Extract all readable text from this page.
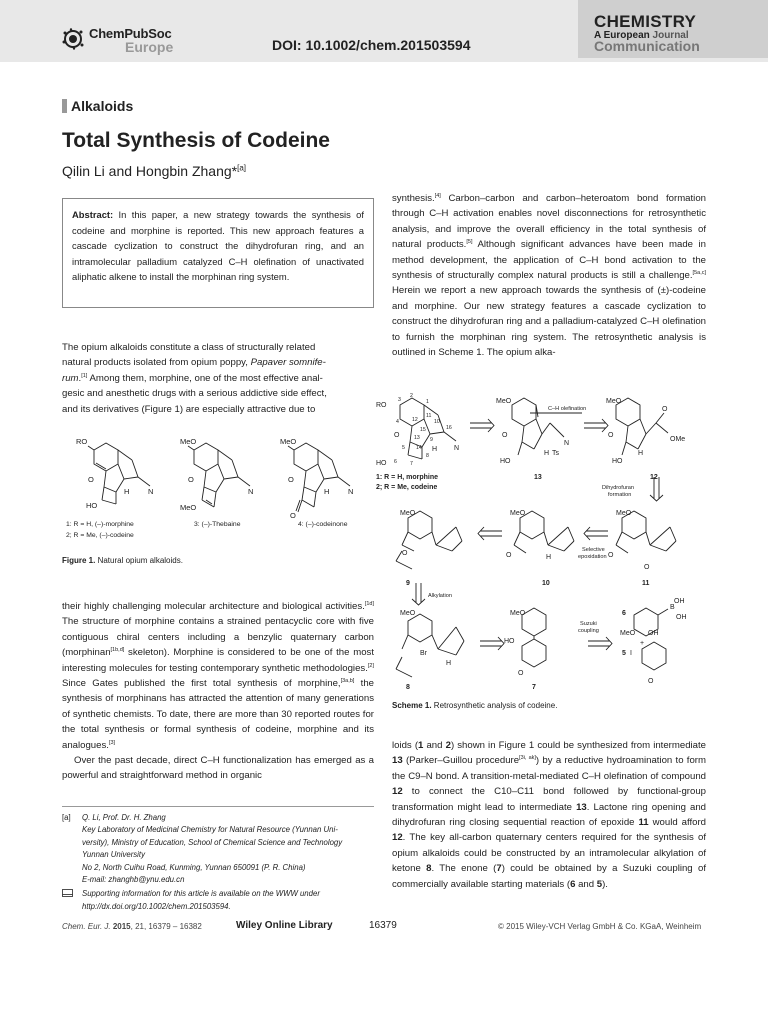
ChemPubSoc
Europe	DOI: 10.1002/chem.201503594
CHEMISTRY
A European Journal
Communication
Alkaloids
Total Synthesis of Codeine
Qilin Li and Hongbin Zhang*[a]
Abstract: In this paper, a new strategy towards the synthesis of codeine and morphine is reported. This new approach features a cascade cyclization to construct the dihydrofuran ring, and an intramolecular palladium catalyzed C–H olefination of unactivated aliphatic alkene to install the morphinan ring system.

The opium alkaloids constitute a class of structurally related
natural products isolated from opium poppy, Papaver somnife-
rum.[1] Among them, morphine, one of the most effective anal-
gesic and anesthetic drugs with a serious addictive side effect,
and its derivatives (Figure 1) are especially attractive due to

RO
O
HO
H N
MeO
O
MeO
N
MeO
O
O
H N
1: R = H, (–)-morphine
2; R = Me, (–)-codeine
3: (–)-Thebaine	4: (–)-codeinone
Figure 1. Natural opium alkaloids.

their highly challenging molecular architecture and biological activities.[1d] The structure of morphine contains a strained pentacyclic core with five contiguous chiral centers including a benzylic quaternary carbon (morphinan[1b,d] skeleton). Morphine is considered to be one of the most interesting molecules for testing contemporary synthetic methodologies.[2] Since Gates published the first total synthesis of morphine,[3a,b] the synthesis of morphinans has attracted the attention of many generations of synthetic chemists. To date, there are more than 30 reported routes for the total synthesis or formal synthesis of codeine, morphine and its analogues.[3]

Over the past decade, direct C–H functionalization has emerged as a powerful and straightforward method in organic

[a] Q. Li, Prof. Dr. H. Zhang
Key Laboratory of Medicinal Chemistry for Natural Resource (Yunnan Uni-
versity), Ministry of Education, School of Chemical Science and Technology
Yunnan University
No 2, North Cuihu Road, Kunming, Yunnan 650091 (P. R. China)
E-mail: zhanghb@ynu.edu.cn
Supporting information for this article is available on the WWW under
http://dx.doi.org/10.1002/chem.201503594.

synthesis.[4] Carbon–carbon and carbon–heteroatom bond formation through C–H activation enables novel disconnections for retrosynthetic analysis, and improve the overall efficiency in the total synthesis of natural products.[5] Although significant advances have been made in method development, the application of C–H bond activation to the synthesis of structurally complex natural products is still a challenge.[5a,c] Herein we report a new approach towards the synthesis of (±)-codeine and morphine. Our new strategy features a cascade cyclization to construct the dihydrofuran ring and a palladium-catalyzed C–H olefination to furnish the morphinan ring system. The retrosynthetic analysis is outlined in Scheme 1. The opium alka-

RO
O
HO
H N
MeO
O
HO
H
N
Ts
MeO
O
HO
H
O
OMe
MeO
O
MeO
O	H
MeO
O
O
MeO
Br
H
MeO
HO
O
B
OH
OH
MeO OH
+
I
O
3
2
1
4
11
12	10
15	16
13 9
5 14
8
6	7
1: R = H, morphine
2; R = Me, codeine
13	12
9	10	11
8	7
6
5
C–H olefination
Dihydrofuran
formation
Selective
epoxidation
Alkylation
Suzuki
coupling
Scheme 1. Retrosynthetic analysis of codeine.

loids (1 and 2) shown in Figure 1 could be synthesized from intermediate 13 (Parker–Guillou procedure[3i, ak]) by a reductive hydroamination to form the C9–N bond. A transition-metal-mediated C–H olefination of compound 12 to connect the C10–C11 bond followed by functional-group transformation might lead to intermediate 13. Lactone ring opening and dihydrofuran ring closing sequential reaction of epoxide 11 would afford 12. The key all-carbon quaternary centers required for the synthesis of opium alkaloids could be constructed by an intramolecular alkylation of ketone 8. The enone (7) could be obtained by a Suzuki coupling of commercially available starting materials (6 and 5).

Chem. Eur. J. 2015, 21, 16379 – 16382	Wiley Online Library	16379	© 2015 Wiley-VCH Verlag GmbH & Co. KGaA, Weinheim
